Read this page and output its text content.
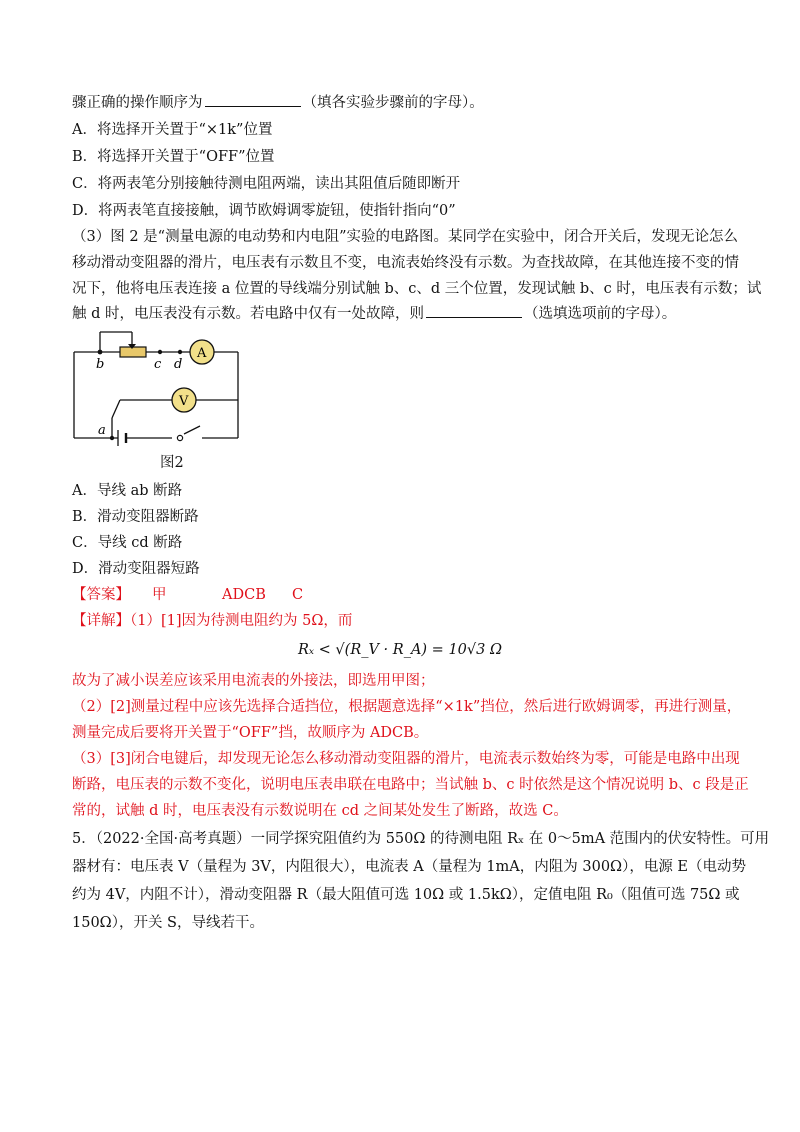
骤正确的操作顺序为	（填各实验步骤前的字母）。
A．将选择开关置于“×1k”位置
B．将选择开关置于“OFF”位置
C．将两表笔分别接触待测电阻两端，读出其阻值后随即断开
D．将两表笔直接接触，调节欧姆调零旋钮，使指针指向“0”
（3）图 2 是“测量电源的电动势和内电阻”实验的电路图。某同学在实验中，闭合开关后，发现无论怎么
移动滑动变阻器的滑片，电压表有示数且不变，电流表始终没有示数。为查找故障，在其他连接不变的情
况下，他将电压表连接 a 位置的导线端分别试触 b、c、d 三个位置，发现试触 b、c 时，电压表有示数；试
触 d 时，电压表没有示数。若电路中仅有一处故障，则	（选填选项前的字母）。
A
V
b	c d
a
图2
A．导线 ab 断路
B．滑动变阻器断路
C．导线 cd 断路
D．滑动变阻器短路
【答案】 甲	ADCB C
【详解】（1）[1]因为待测电阻约为 5Ω，而
Rₓ < √(R_V · R_A) = 10√3 Ω
故为了减小误差应该采用电流表的外接法，即选用甲图；
（2）[2]测量过程中应该先选择合适挡位，根据题意选择“×1k”挡位，然后进行欧姆调零，再进行测量，
测量完成后要将开关置于“OFF”挡，故顺序为 ADCB。
（3）[3]闭合电键后，却发现无论怎么移动滑动变阻器的滑片，电流表示数始终为零，可能是电路中出现
断路，电压表的示数不变化，说明电压表串联在电路中；当试触 b、c 时依然是这个情况说明 b、c 段是正
常的，试触 d 时，电压表没有示数说明在 cd 之间某处发生了断路，故选 C。
5．（2022·全国·高考真题）一同学探究阻值约为 550Ω 的待测电阻 Rₓ 在 0～5mA 范围内的伏安特性。可用
器材有：电压表 V（量程为 3V，内阻很大），电流表 A（量程为 1mA，内阻为 300Ω），电源 E（电动势
约为 4V，内阻不计），滑动变阻器 R（最大阻值可选 10Ω 或 1.5kΩ），定值电阻 R₀（阻值可选 75Ω 或
150Ω），开关 S，导线若干。
